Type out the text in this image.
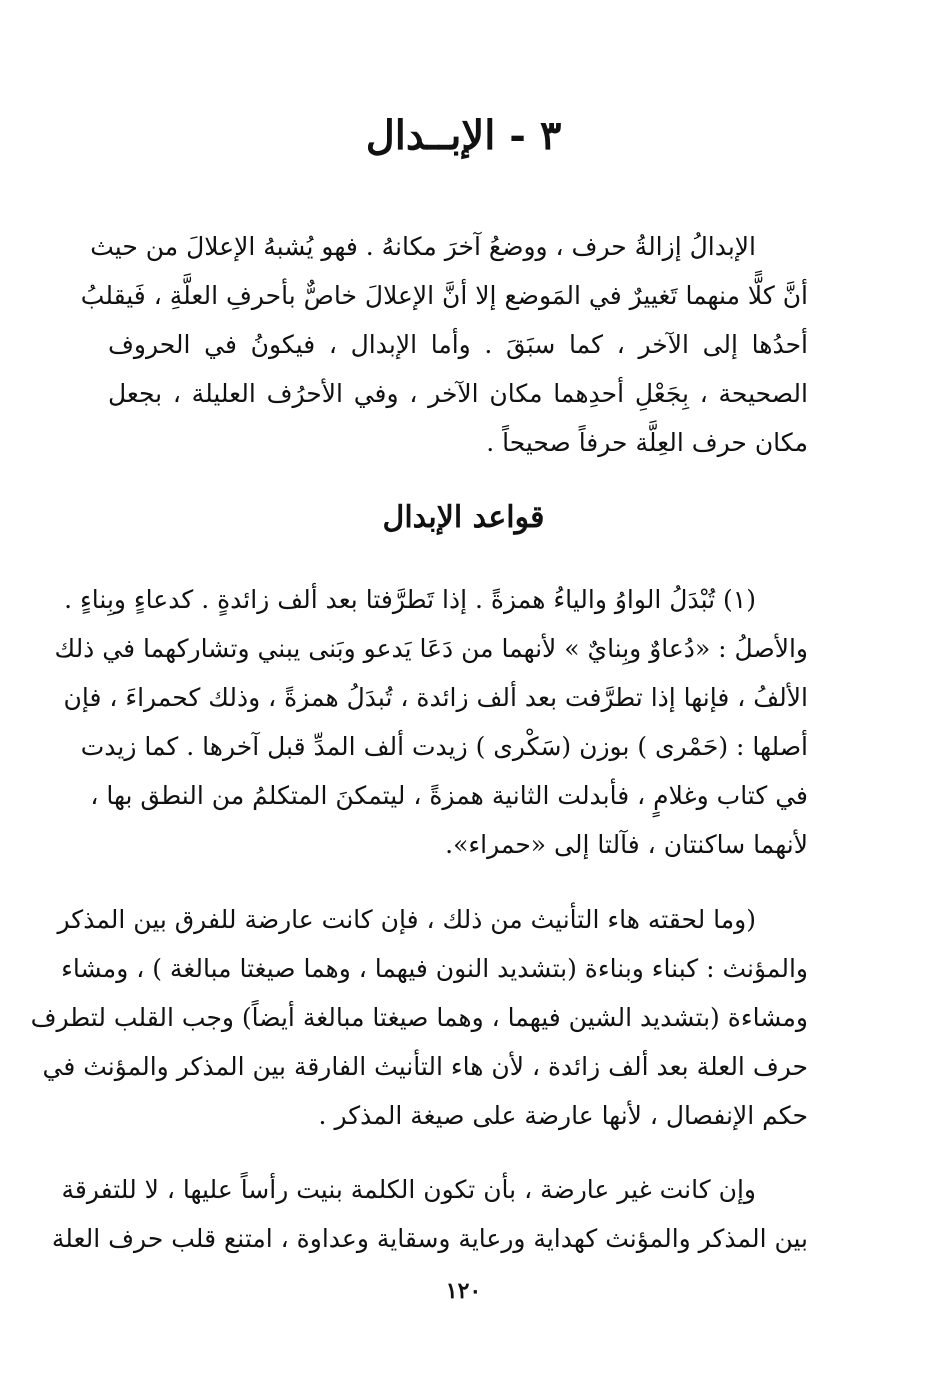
٣ - الإبــدال
الإبدالُ إزالةُ حرف ، ووضعُ آخرَ مكانهُ . فهو يُشبهُ الإعلالَ من حيث
أنَّ كلًّا منهما تَغييرٌ في المَوضع إلا أنَّ الإعلالَ خاصٌّ بأحرفِ العلَّةِ ، فَيقلبُ
أحدُها إلى الآخر ، كما سبَقَ . وأما الإبدال ، فيكونُ في الحروف
الصحيحة ، بِجَعْلِ أحدِهما مكان الآخر ، وفي الأحرُف العليلة ، بجعل
مكان حرف العِلَّة حرفاً صحيحاً .
قواعد الإبدال
(١) تُبْدَلُ الواوُ والياءُ همزةً . إذا تَطرَّفتا بعد ألف زائدةٍ . كدعاءٍ وبِناءٍ .
والأصلُ : «دُعاوٌ وبِنايٌ » لأنهما من دَعَا يَدعو وبَنى يبني وتشاركهما في ذلك
الألفُ ، فإنها إذا تطرَّفت بعد ألف زائدة ، تُبدَلُ همزةً ، وذلك كحمراءَ ، فإن
أصلها : (حَمْرى ) بوزن (سَكْرى ) زيدت ألف المدِّ قبل آخرها . كما زيدت
في كتاب وغلامٍ ، فأبدلت الثانية همزةً ، ليتمكنَ المتكلمُ من النطق بها ،
لأنهما ساكنتان ، فآلتا إلى «حمراء».
(وما لحقته هاء التأنيث من ذلك ، فإن كانت عارضة للفرق بين المذكر
والمؤنث : كبناء وبناءة (بتشديد النون فيهما ، وهما صيغتا مبالغة ) ، ومشاء
ومشاءة (بتشديد الشين فيهما ، وهما صيغتا مبالغة أيضاً) وجب القلب لتطرف
حرف العلة بعد ألف زائدة ، لأن هاء التأنيث الفارقة بين المذكر والمؤنث في
حكم الإنفصال ، لأنها عارضة على صيغة المذكر .
وإن كانت غير عارضة ، بأن تكون الكلمة بنيت رأساً عليها ، لا للتفرقة
بين المذكر والمؤنث كهداية ورعاية وسقاية وعداوة ، امتنع قلب حرف العلة
١٢٠
